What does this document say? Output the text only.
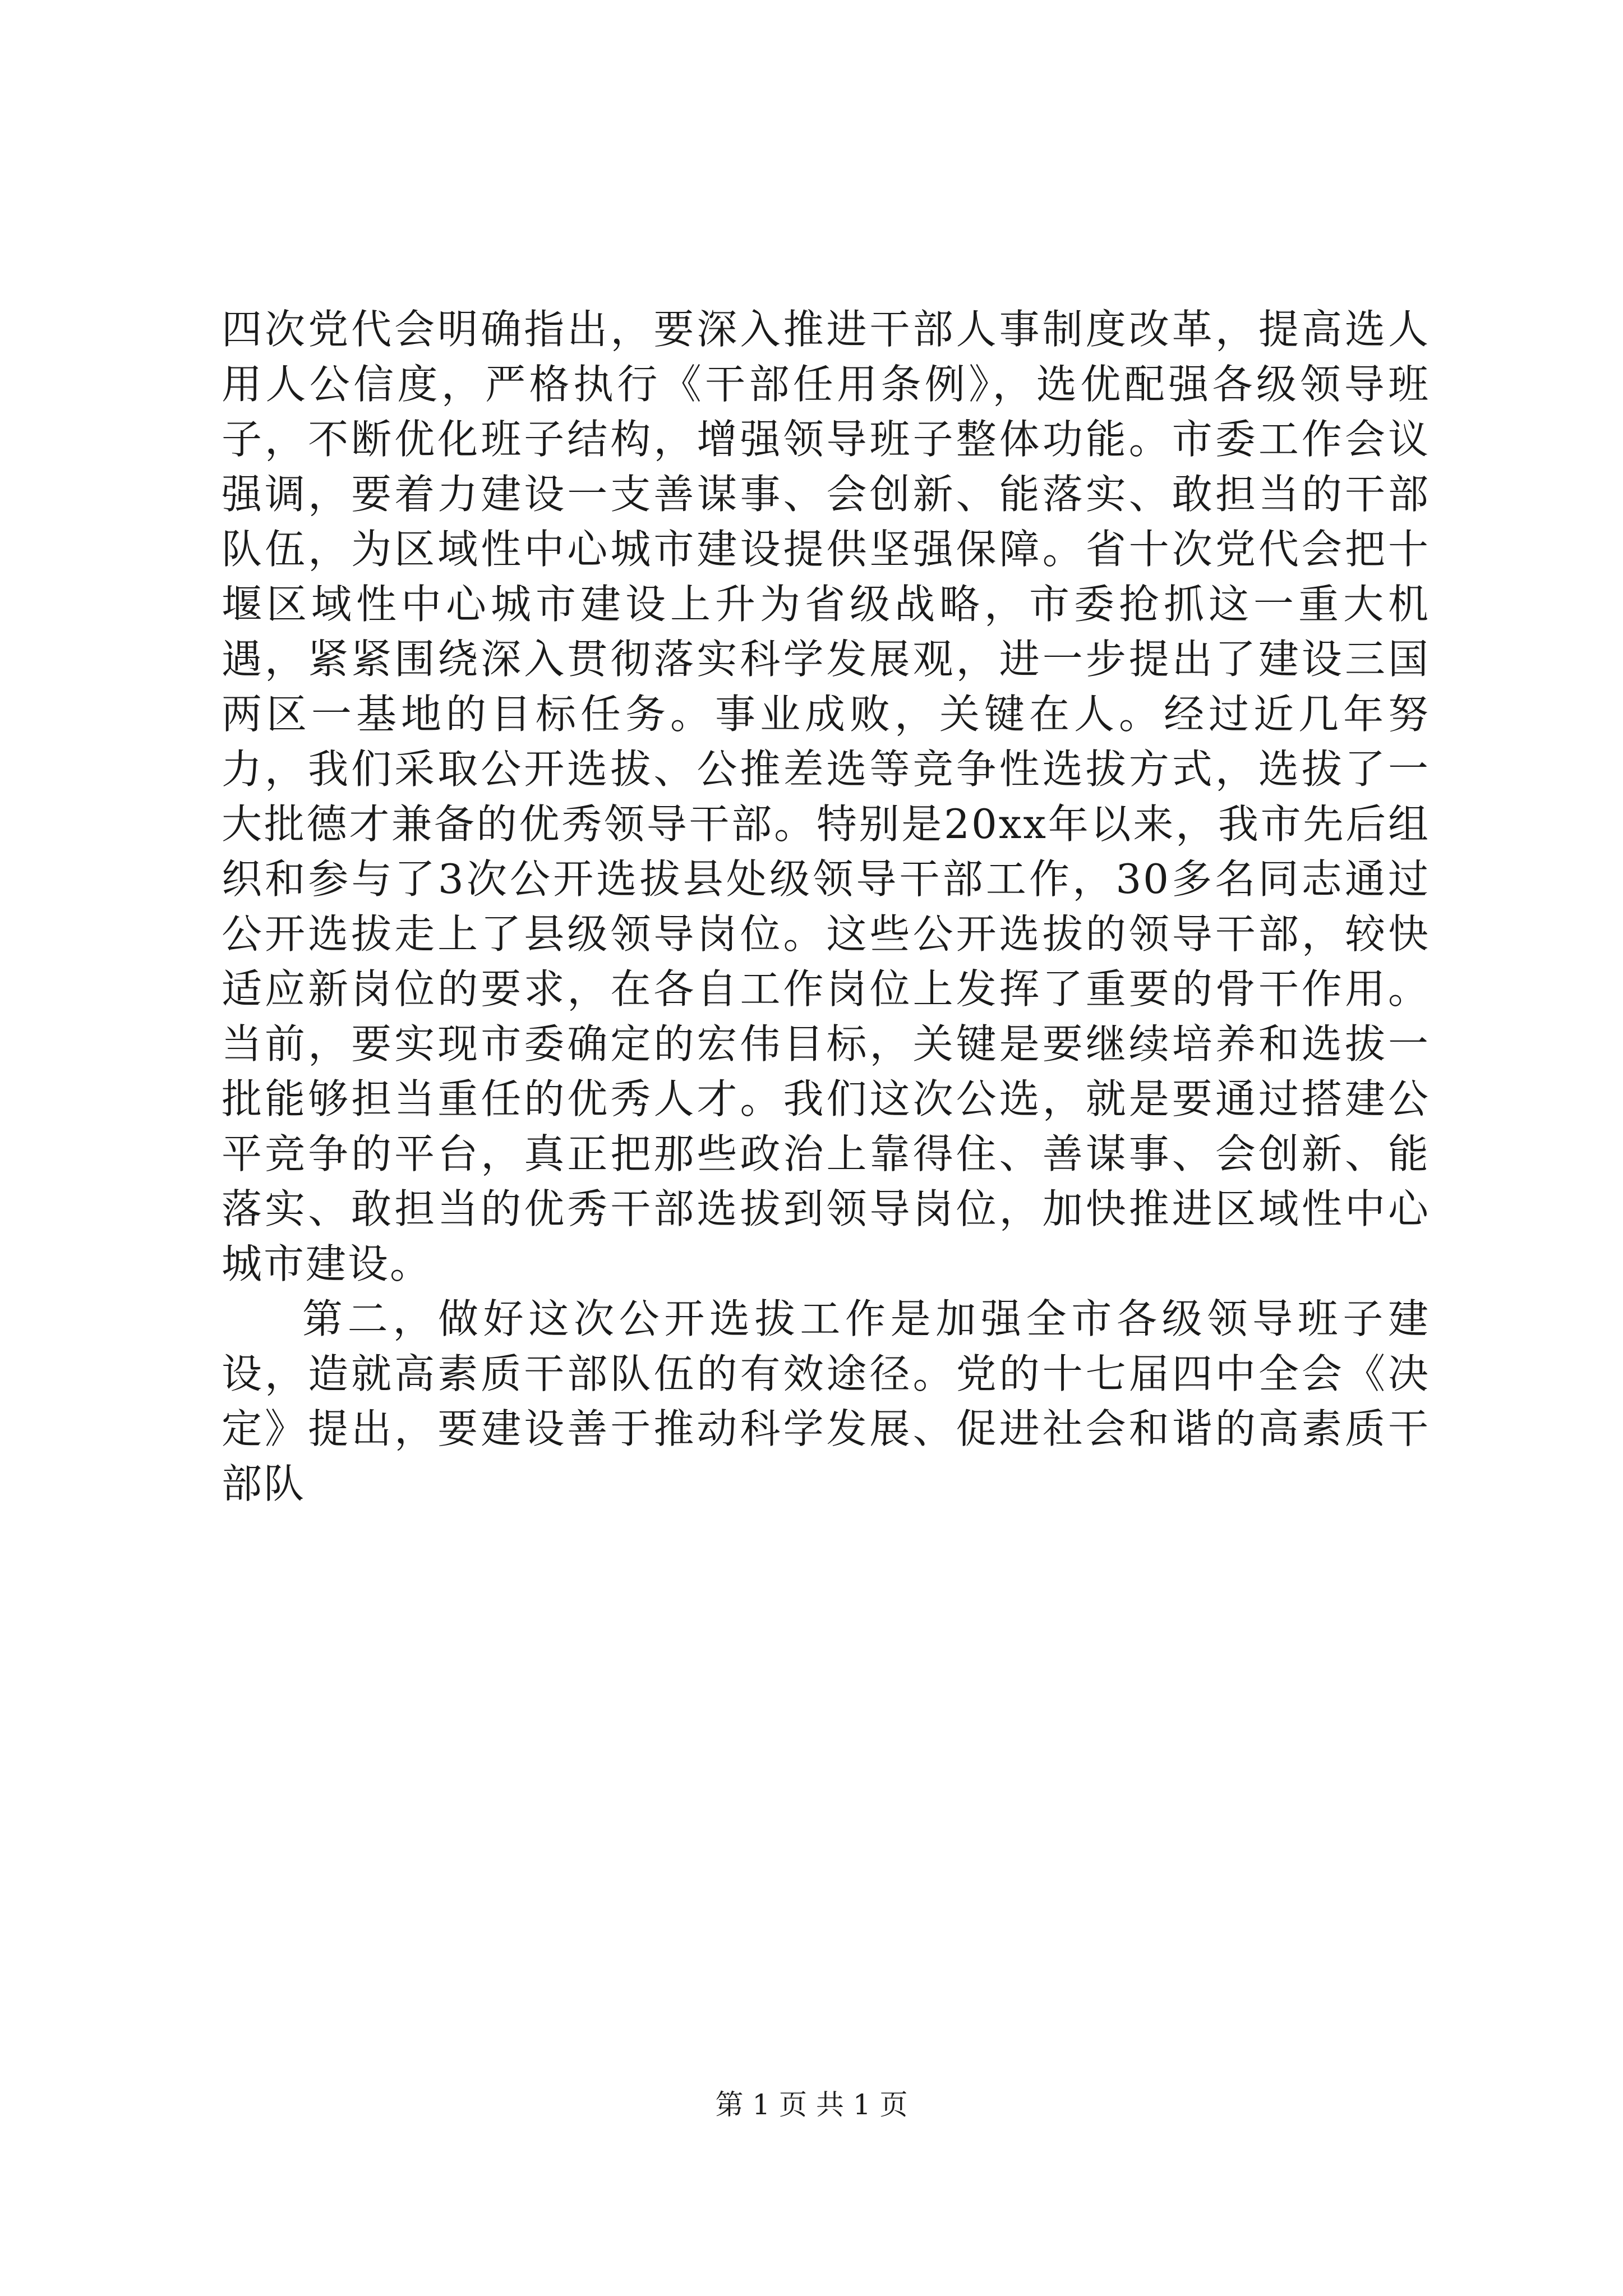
四次党代会明确指出，要深入推进干部人事制度改革，提高选人用人公信度，严格执行《干部任用条例》，选优配强各级领导班子，不断优化班子结构，增强领导班子整体功能。市委工作会议强调，要着力建设一支善谋事、会创新、能落实、敢担当的干部队伍，为区域性中心城市建设提供坚强保障。省十次党代会把十堰区域性中心城市建设上升为省级战略，市委抢抓这一重大机遇，紧紧围绕深入贯彻落实科学发展观，进一步提出了建设三国两区一基地的目标任务。事业成败，关键在人。经过近几年努力，我们采取公开选拔、公推差选等竞争性选拔方式，选拔了一大批德才兼备的优秀领导干部。特别是20xx年以来，我市先后组织和参与了3次公开选拔县处级领导干部工作，30多名同志通过公开选拔走上了县级领导岗位。这些公开选拔的领导干部，较快适应新岗位的要求，在各自工作岗位上发挥了重要的骨干作用。当前，要实现市委确定的宏伟目标，关键是要继续培养和选拔一批能够担当重任的优秀人才。我们这次公选，就是要通过搭建公平竞争的平台，真正把那些政治上靠得住、善谋事、会创新、能落实、敢担当的优秀干部选拔到领导岗位，加快推进区域性中心城市建设。

第二，做好这次公开选拔工作是加强全市各级领导班子建设，造就高素质干部队伍的有效途径。党的十七届四中全会《决定》提出，要建设善于推动科学发展、促进社会和谐的高素质干部队

第 1 页 共 1 页
